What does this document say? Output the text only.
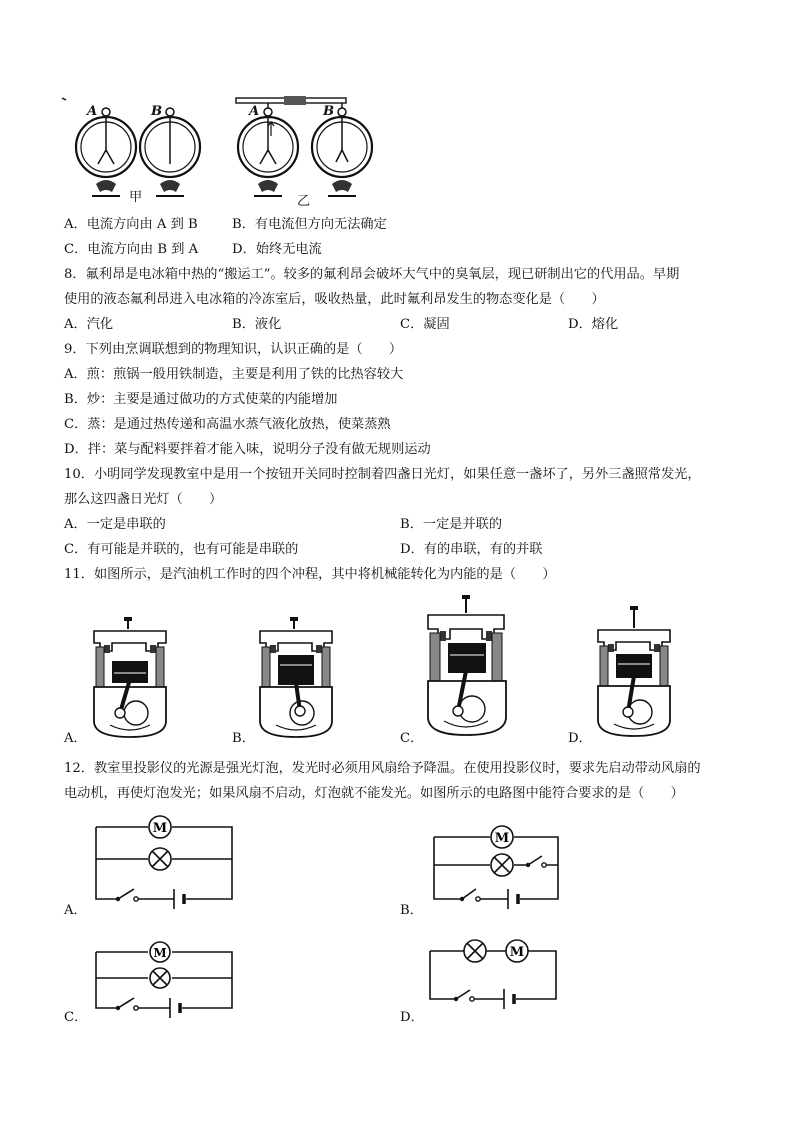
A	B	A	B
甲	乙
A．电流方向由 A 到 B	B．有电流但方向无法确定
C．电流方向由 B 到 A	D．始终无电流
8．氟利昂是电冰箱中热的“搬运工”。较多的氟利昂会破坏大气中的臭氧层，现已研制出它的代用品。早期
使用的液态氟利昂进入电冰箱的冷冻室后，吸收热量，此时氟利昂发生的物态变化是（　　）
A．汽化	B．液化	C．凝固	D．熔化
9．下列由烹调联想到的物理知识，认识正确的是（　　）
A．煎：煎锅一般用铁制造，主要是利用了铁的比热容较大
B．炒：主要是通过做功的方式使菜的内能增加
C．蒸：是通过热传递和高温水蒸气液化放热，使菜蒸熟
D．拌：菜与配料要拌着才能入味，说明分子没有做无规则运动
10．小明同学发现教室中是用一个按钮开关同时控制着四盏日光灯，如果任意一盏坏了，另外三盏照常发光，
那么这四盏日光灯（　　）
A．一定是串联的	B．一定是并联的
C．有可能是并联的，也有可能是串联的	D．有的串联，有的并联
11．如图所示，是汽油机工作时的四个冲程，其中将机械能转化为内能的是（　　）
A．	B．	C．	D．
12．教室里投影仪的光源是强光灯泡，发光时必须用风扇给予降温。在使用投影仪时，要求先启动带动风扇的
电动机，再使灯泡发光；如果风扇不启动，灯泡就不能发光。如图所示的电路图中能符合要求的是（　　）
M
A．
M
B．
M
C．
M
D．
